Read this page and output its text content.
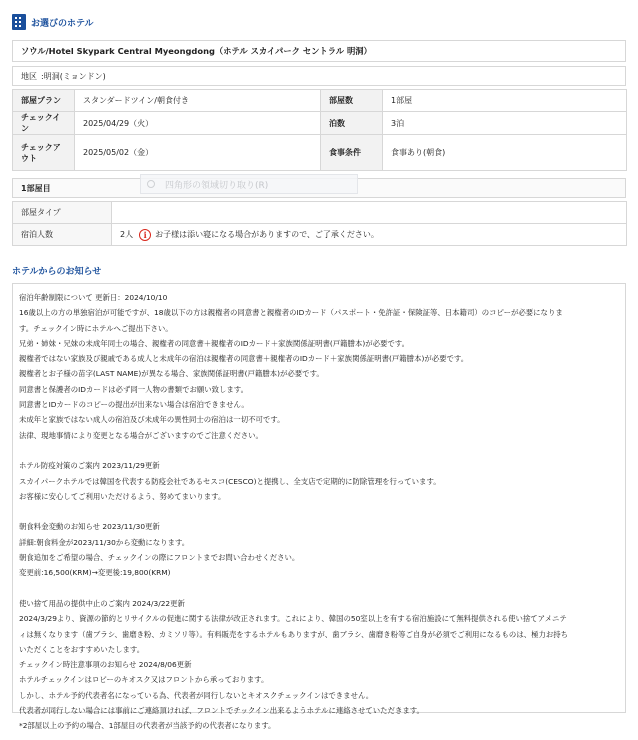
お選びのホテル
ソウル/Hotel Skypark Central Myeongdong（ホテル スカイパーク セントラル 明洞）
地区 :明洞(ミョンドン)
部屋プラン	スタンダードツイン/朝食付き	部屋数	1部屋
チェックイン	2025/04/29（火）	泊数	3泊
チェックアウト	2025/05/02（金）	食事条件	食事あり(朝食)
1部屋目	四角形の領域切り取り(R)
部屋タイプ	
宿泊人数	2人 i お子様は添い寝になる場合がありますので、ご了承ください。
ホテルからのお知らせ
宿泊年齢制限について 更新日：2024/10/10
16歳以上の方の単独宿泊が可能ですが、18歳以下の方は親権者の同意書と親権者のIDカード（パスポート・免許証・保険証等、日本籍司）のコピーが必要になりま
す。チェックイン時にホテルへご提出下さい。
兄弟・姉妹・兄妹の未成年同士の場合、親権者の同意書＋親権者のIDカード＋家族関係証明書(戸籍謄本)が必要です。
親権者ではない家族及び親戚である成人と未成年の宿泊は親権者の同意書＋親権者のIDカード＋家族関係証明書(戸籍謄本)が必要です。
親権者とお子様の苗字(LAST NAME)が異なる場合、家族関係証明書(戸籍謄本)が必要です。
同意書と保護者のIDカードは必ず同一人物の書類でお願い致します。
同意書とIDカードのコピーの提出が出来ない場合は宿泊できません。
未成年と家族ではない成人の宿泊及び未成年の異性同士の宿泊は一切不可です。
法律、現地事情により変更となる場合がございますのでご注意ください。
ホテル防疫対策のご案内 2023/11/29更新
スカイパークホテルでは韓国を代表する防疫会社であるセスコ(CESCO)と提携し、全支店で定期的に防除管理を行っています。
お客様に安心してご利用いただけるよう、努めてまいります。
朝食料金変動のお知らせ 2023/11/30更新
詳細:朝食料金が2023/11/30から変動になります。
朝食追加をご希望の場合、チェックインの際にフロントまでお問い合わせください。
変更前:16,500(KRM)→変更後:19,800(KRM)
使い捨て用品の提供中止のご案内 2024/3/22更新
2024/3/29より、資源の節約とリサイクルの促進に関する法律が改正されます。これにより、韓国の50室以上を有する宿泊施設にて無料提供される使い捨てアメニテ
ィは無くなります（歯ブラシ、歯磨き粉、カミソリ等）。有料販売をするホテルもありますが、歯ブラシ、歯磨き粉等ご自身が必須でご利用になるものは、極力お持ち
いただくことをおすすめいたします。
チェックイン時注意事項のお知らせ 2024/8/06更新
ホテルチェックインはロビーのキオスク又はフロントから承っております。
しかし、ホテル予約代表者名になっている為、代表者が同行しないとキオスクチェックインはできません。
代表者が同行しない場合には事前にご連絡頂ければ、フロントでチックイン出来るようホテルに連絡させていただきます。
*2部屋以上の予約の場合、1部屋目の代表者が当該予約の代表者になります。
